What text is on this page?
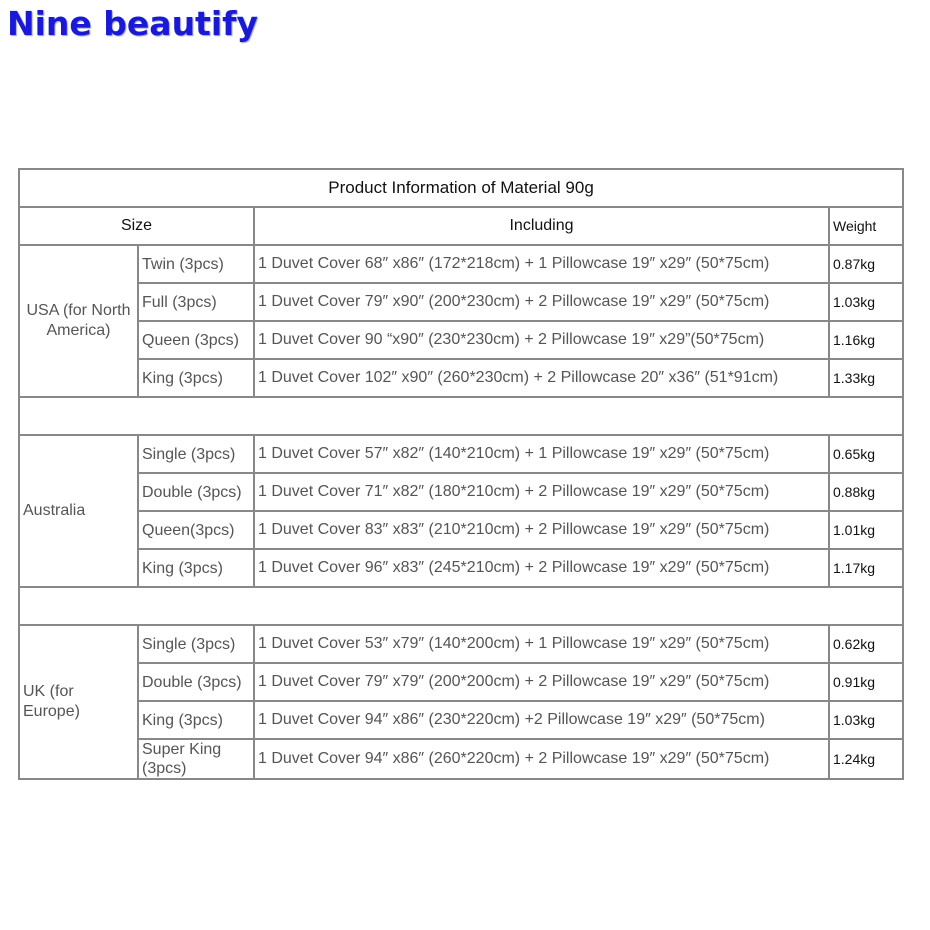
Nine beautify
Product Information of Material 90g			
Size		Including	Weight
USA (for North America)	Twin (3pcs)	1 Duvet Cover 68″ x86″ (172*218cm) + 1 Pillowcase 19″ x29″ (50*75cm)	0.87kg
	Full (3pcs)	1 Duvet Cover 79″ x90″ (200*230cm) + 2 Pillowcase 19″ x29″ (50*75cm)	1.03kg
	Queen (3pcs)	1 Duvet Cover 90 “x90″ (230*230cm) + 2 Pillowcase 19″ x29”(50*75cm)	1.16kg
	King (3pcs)	1 Duvet Cover 102″ x90″ (260*230cm) + 2 Pillowcase 20″ x36″ (51*91cm)	1.33kg

Australia	Single (3pcs)	1 Duvet Cover 57″ x82″ (140*210cm) + 1 Pillowcase 19″ x29″ (50*75cm)	0.65kg
	Double (3pcs)	1 Duvet Cover 71″ x82″ (180*210cm) + 2 Pillowcase 19″ x29″ (50*75cm)	0.88kg
	Queen(3pcs)	1 Duvet Cover 83″ x83″ (210*210cm) + 2 Pillowcase 19″ x29″ (50*75cm)	1.01kg
	King (3pcs)	1 Duvet Cover 96″ x83″ (245*210cm) + 2 Pillowcase 19″ x29″ (50*75cm)	1.17kg

UK (for Europe)	Single (3pcs)	1 Duvet Cover 53″ x79″ (140*200cm) + 1 Pillowcase 19″ x29″ (50*75cm)	0.62kg
	Double (3pcs)	1 Duvet Cover 79″ x79″ (200*200cm) + 2 Pillowcase 19″ x29″ (50*75cm)	0.91kg
	King (3pcs)	1 Duvet Cover 94″ x86″ (230*220cm) +2 Pillowcase 19″ x29″ (50*75cm)	1.03kg
	Super King (3pcs)	1 Duvet Cover 94″ x86″ (260*220cm) + 2 Pillowcase 19″ x29″ (50*75cm)	1.24kg
